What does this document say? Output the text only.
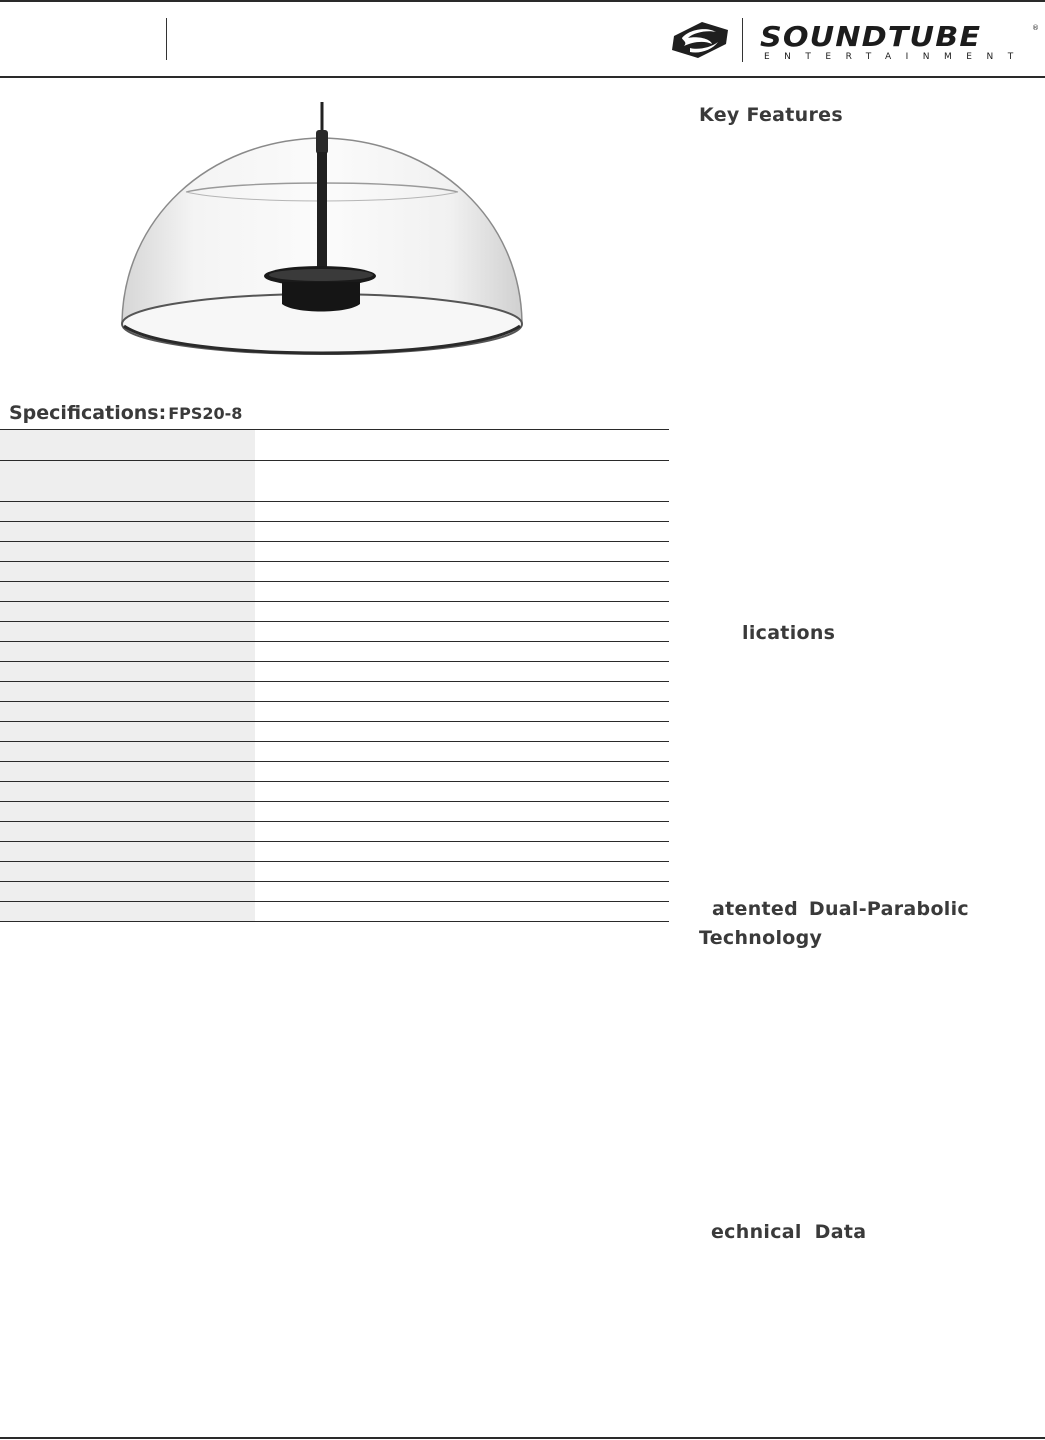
SOUNDTUBE	®
ENTERTAINMENT
Specifications: FPS20-8
Key Features
lications
atented Dual-Parabolic
Technology
echnical Data
